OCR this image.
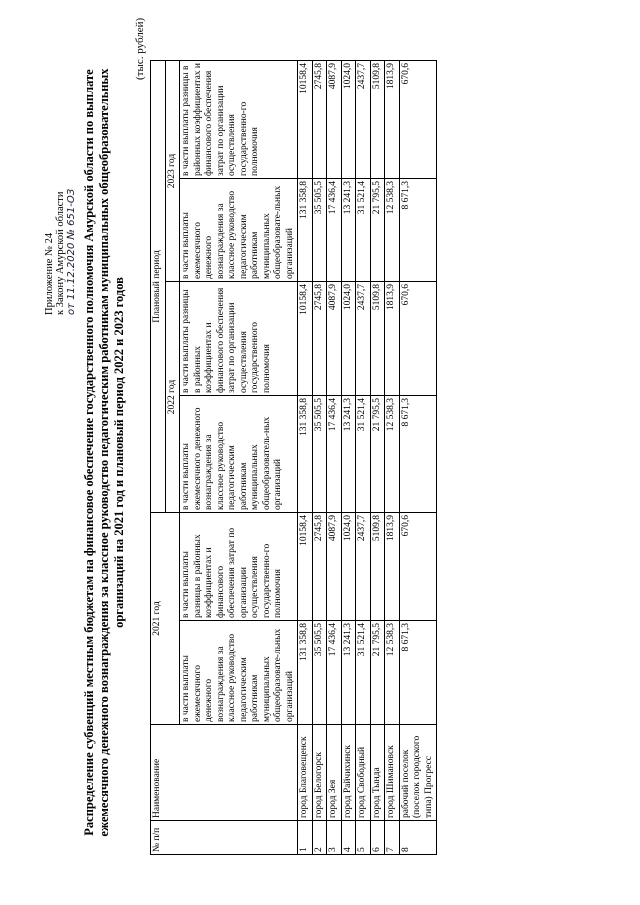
Приложение № 24 к Закону Амурской области от 11.12.2020 № 651-ОЗ Распределение субвенций местным бюджетам на финансовое обеспечение государственного полномочия Амурской области по выплате ежемесячного денежного вознаграждения за классное руководство педагогическим работникам муниципальных общеобразовательных организаций на 2021 год и плановый период 2022 и 2023 годов
(тыс. рублей)
№ п/п	Наименование	2021 год		Плановый период			
				2022 год		2023 год	
		в части выплаты ежемесячного денежного вознаграждения за классное руководство педагогическим работникам муниципальных общеобразовате-льных организаций	в части выплаты разницы в районных коэффициентах и финансового обеспечения затрат по организации осуществления государственно-го полномочия	в части выплаты ежемесячного денежного вознаграждения за классное руководство педагогическим работникам муниципальных общеобразователь-ных организаций	в части выплаты разницы в районных коэффициентах и финансового обеспечения затрат по организации осуществления государственного полномочия	в части выплаты ежемесячного денежного вознаграждения за классное руководство педагогическим работникам муниципальных общеобразовате-льных организаций	в части выплаты разницы в районных коэффициентах и финансового обеспечения затрат по организации осуществления государственно-го полномочия
1	город Благовещенск	131 358,8	10158,4	131 358,8	10158,4	131 358,8	10158,4
2	город Белогорск	35 505,5	2745,8	35 505,5	2745,8	35 505,5	2745,8
3	город Зея	17 436,4	4087,9	17 436,4	4087,9	17 436,4	4087,9
4	город Райчихинск	13 241,3	1024,0	13 241,3	1024,0	13 241,3	1024,0
5	город Свободный	31 521,4	2437,7	31 521,4	2437,7	31 521,4	2437,7
6	город Тында	21 795,5	5109,8	21 795,5	5109,8	21 795,5	5109,8
7	город Шимановск	12 538,3	1813,9	12 538,3	1813,9	12 538,3	1813,9
8	рабочий поселок (поселок городского типа) Прогресс	8 671,3	670,6	8 671,3	670,6	8 671,3	670,6
